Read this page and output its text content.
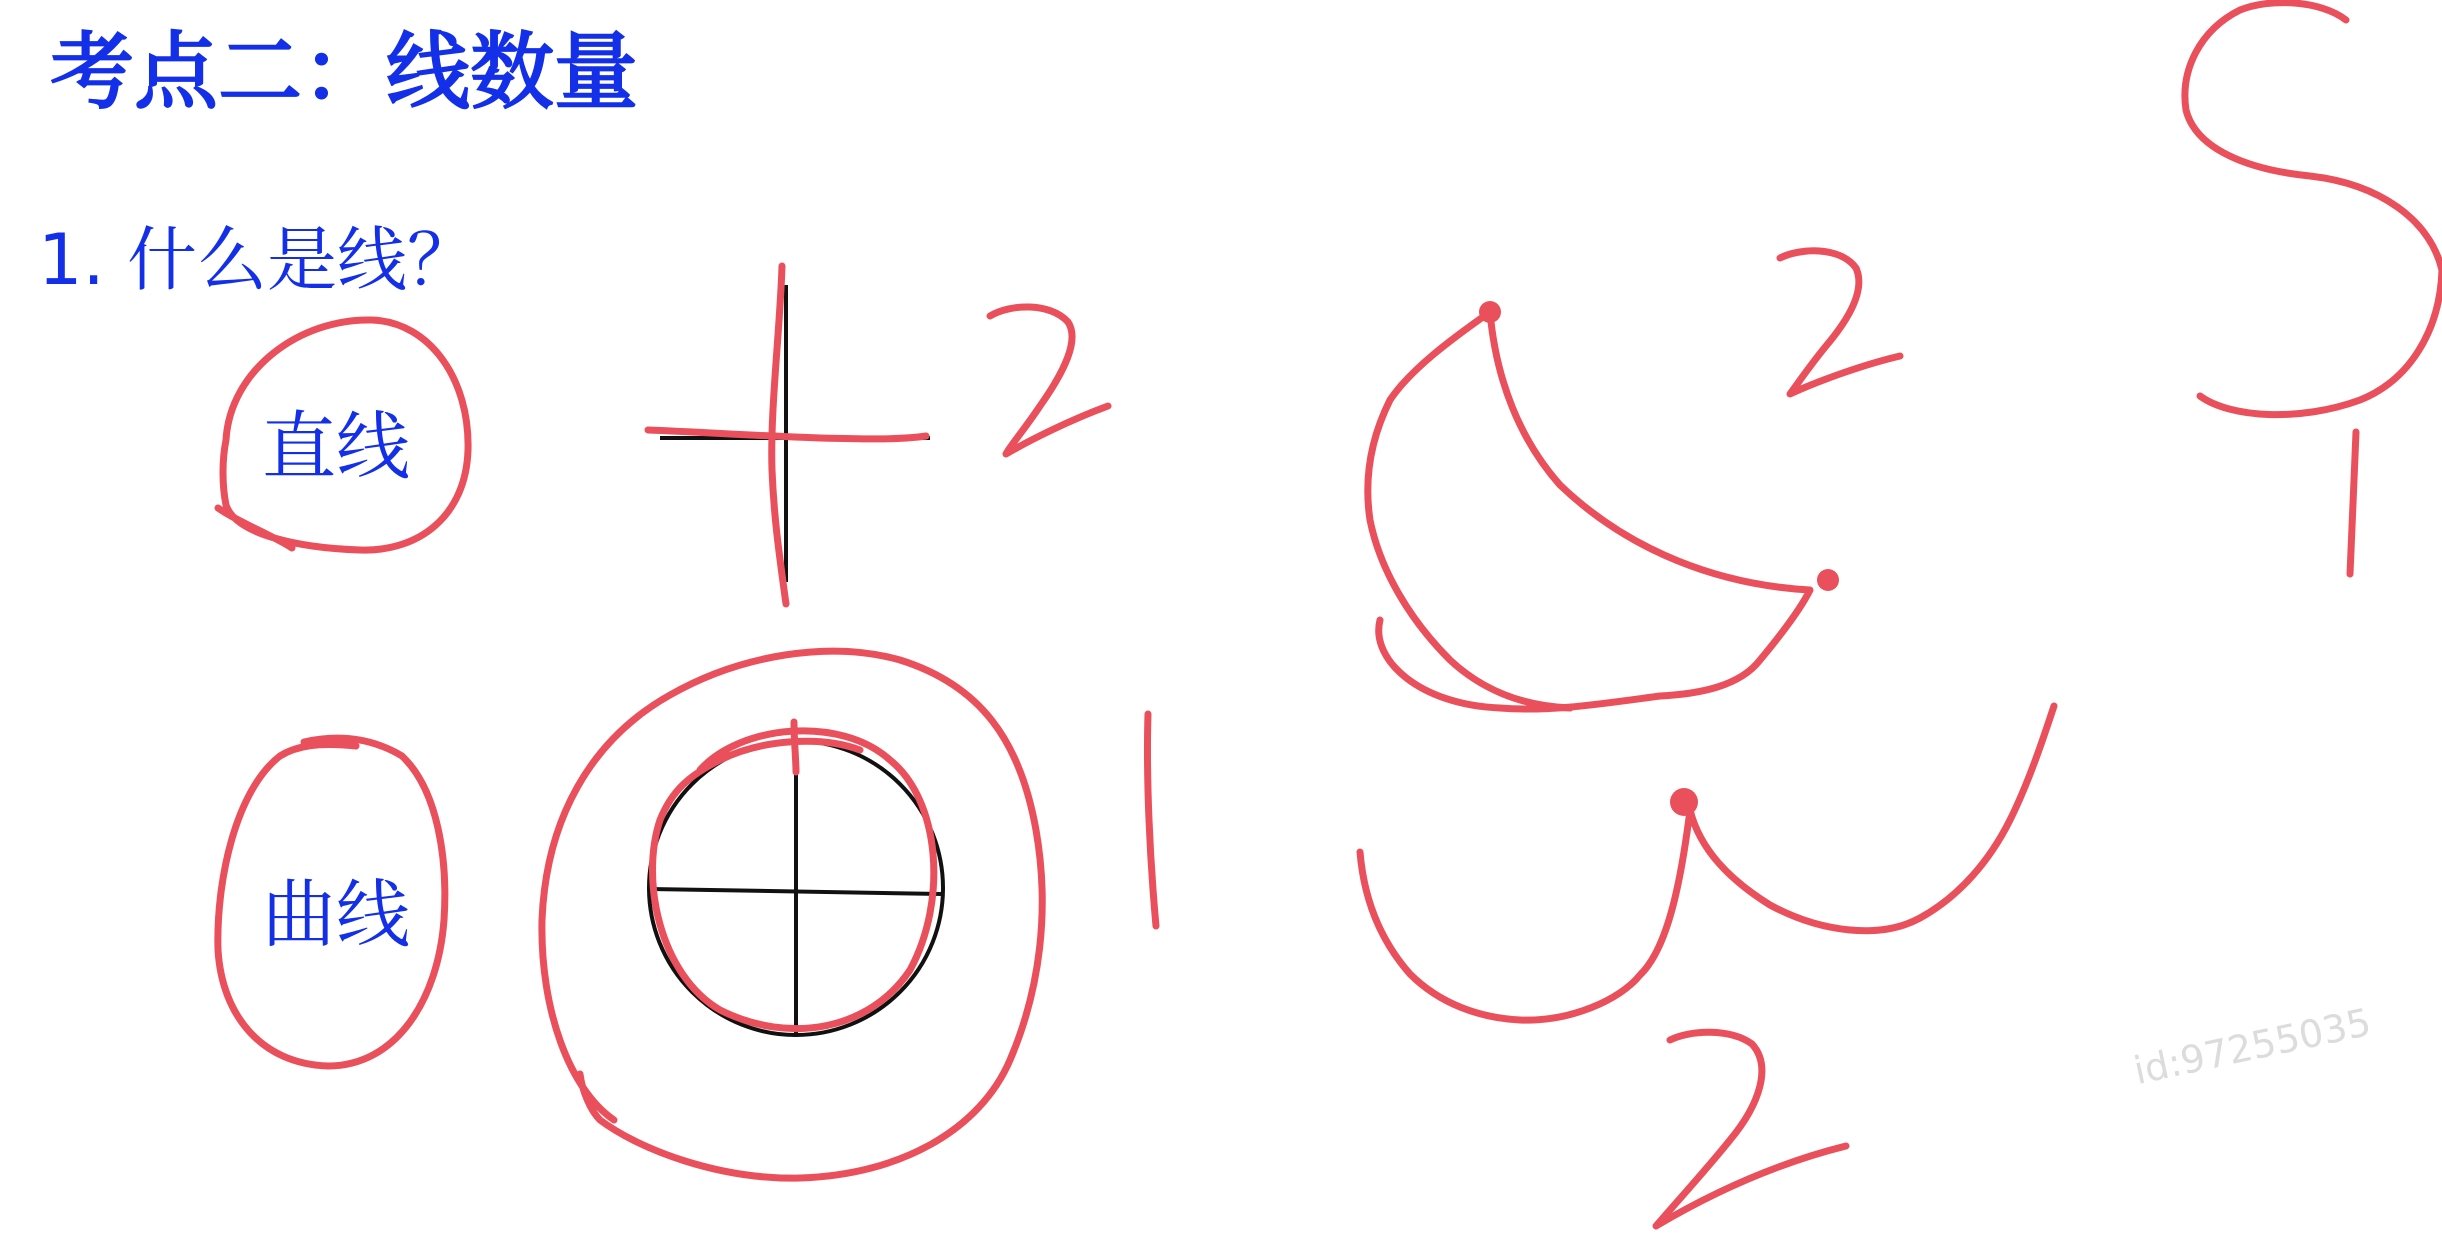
考点二：线数量
1. 什么是线？
直线
曲线
id:97255035
